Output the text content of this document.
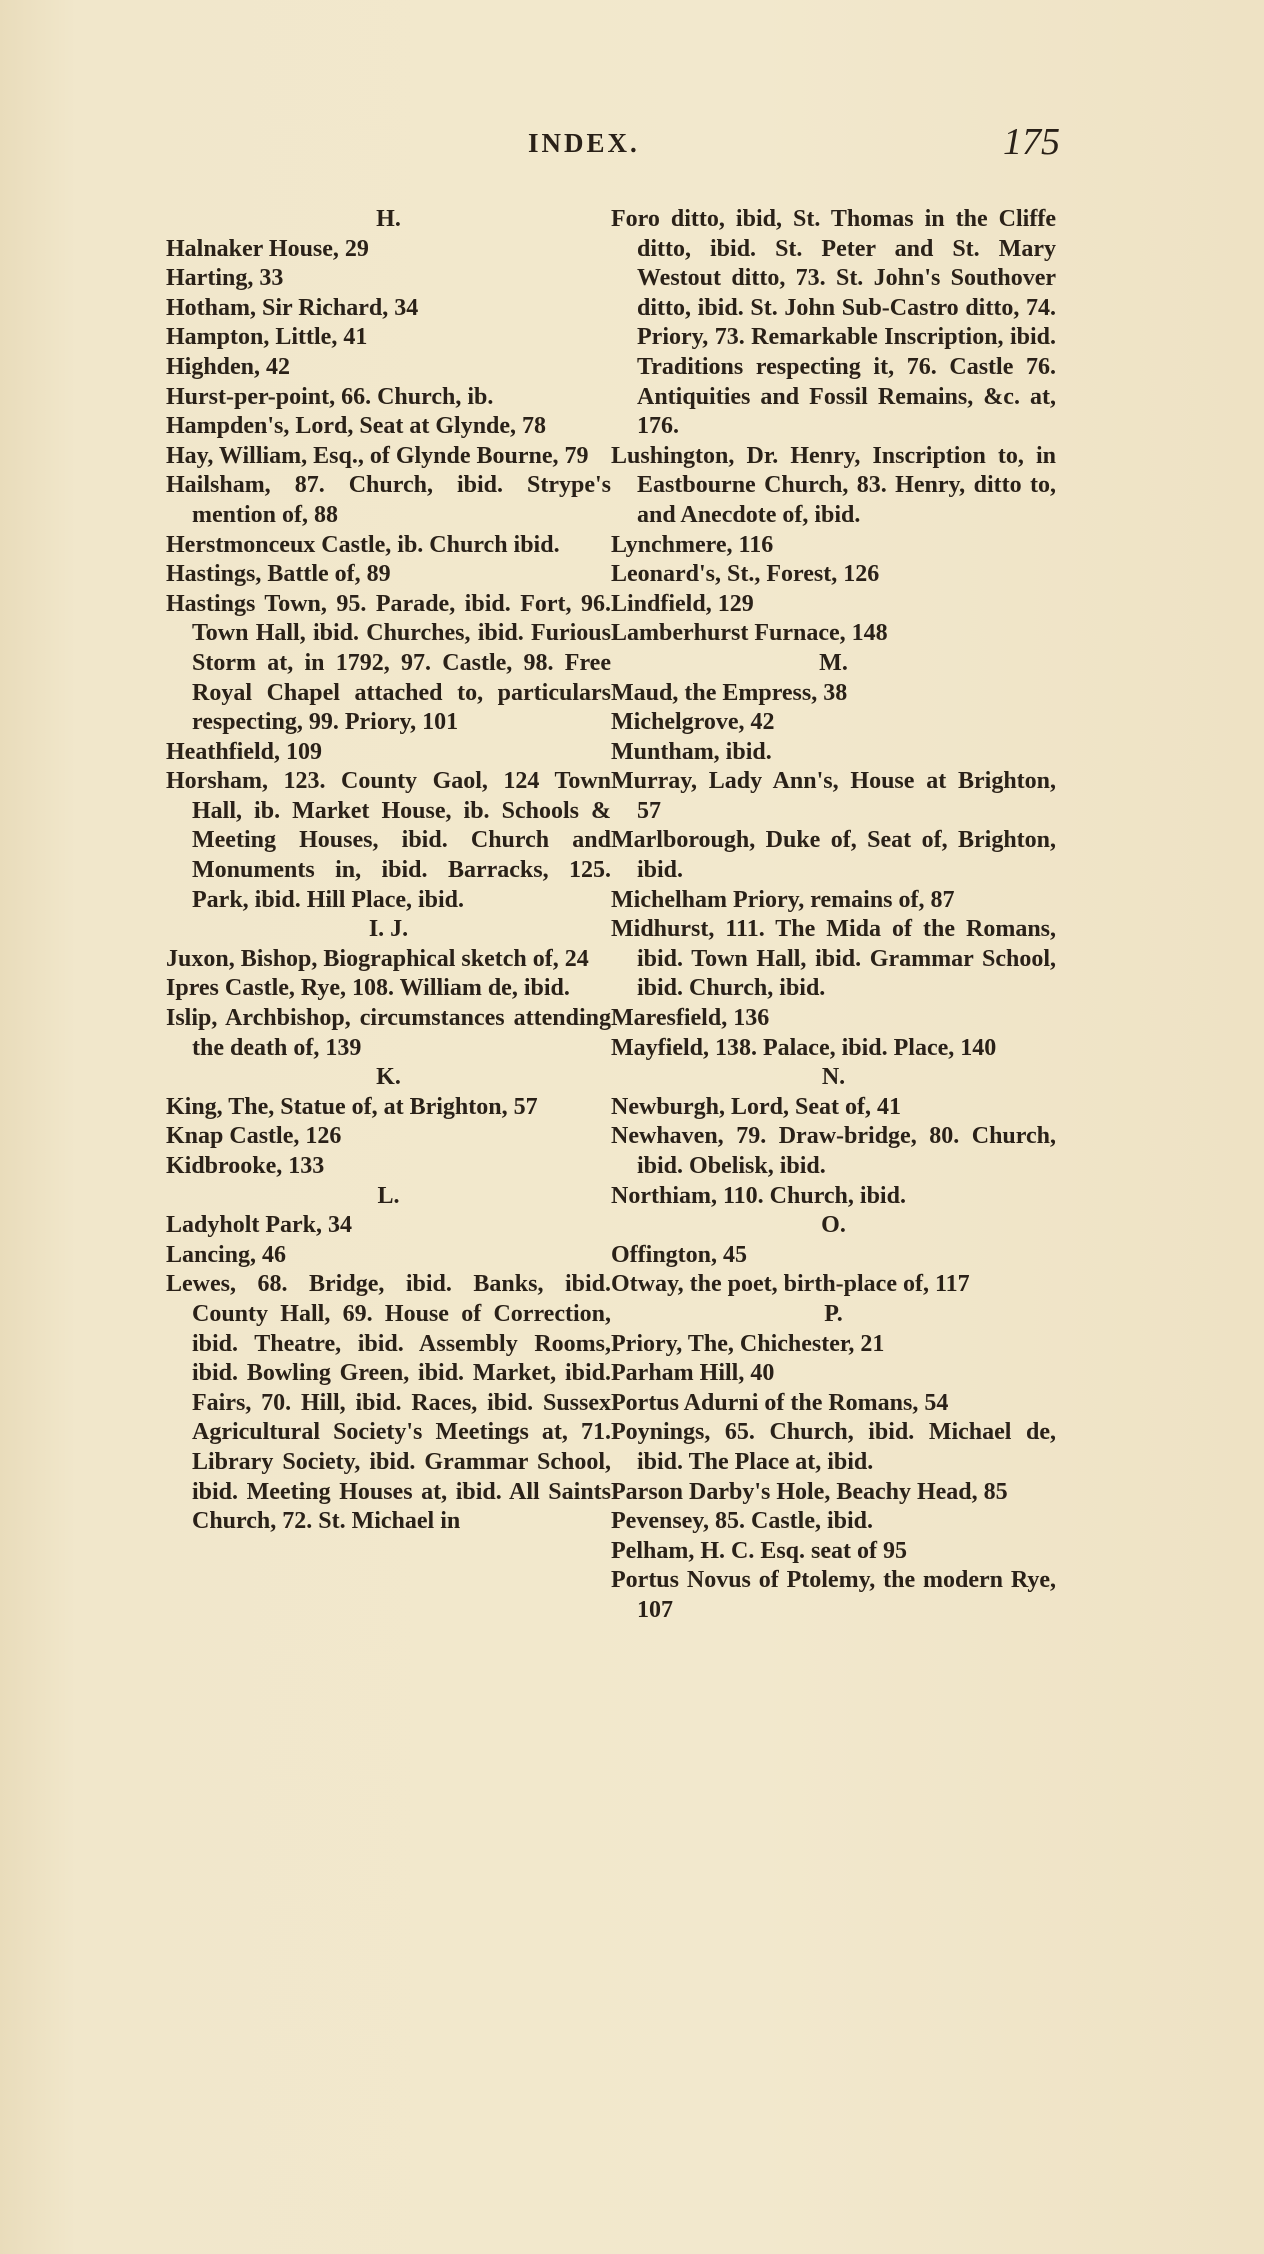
INDEX.	175
H.

Halnaker House, 29

Harting, 33

Hotham, Sir Richard, 34

Hampton, Little, 41

Highden, 42

Hurst-per-point, 66. Church, ib.

Hampden's, Lord, Seat at Glynde, 78

Hay, William, Esq., of Glynde Bourne, 79

Hailsham, 87. Church, ibid. Strype's mention of, 88

Herstmonceux Castle, ib. Church ibid.

Hastings, Battle of, 89

Hastings Town, 95. Parade, ibid. Fort, 96. Town Hall, ibid. Churches, ibid. Furious Storm at, in 1792, 97. Castle, 98. Free Royal Chapel attached to, particulars respecting, 99. Priory, 101

Heathfield, 109

Horsham, 123. County Gaol, 124 Town Hall, ib. Market House, ib. Schools & Meeting Houses, ibid. Church and Monuments in, ibid. Barracks, 125. Park, ibid. Hill Place, ibid.

I. J.

Juxon, Bishop, Biographical sketch of, 24

Ipres Castle, Rye, 108. William de, ibid.

Islip, Archbishop, circumstances attending the death of, 139

K.

King, The, Statue of, at Brighton, 57

Knap Castle, 126

Kidbrooke, 133

L.

Ladyholt Park, 34

Lancing, 46

Lewes, 68. Bridge, ibid. Banks, ibid. County Hall, 69. House of Correction, ibid. Theatre, ibid. Assembly Rooms, ibid. Bowling Green, ibid. Market, ibid. Fairs, 70. Hill, ibid. Races, ibid. Sussex Agricultural Society's Meetings at, 71. Library Society, ibid. Grammar School, ibid. Meeting Houses at, ibid. All Saints Church, 72. St. Michael in

Foro ditto, ibid, St. Thomas in the Cliffe ditto, ibid. St. Peter and St. Mary Westout ditto, 73. St. John's Southover ditto, ibid. St. John Sub-Castro ditto, 74. Priory, 73. Remarkable Inscription, ibid. Traditions respecting it, 76. Castle 76. Antiquities and Fossil Remains, &c. at, 176.

Lushington, Dr. Henry, Inscription to, in Eastbourne Church, 83. Henry, ditto to, and Anecdote of, ibid.

Lynchmere, 116

Leonard's, St., Forest, 126

Lindfield, 129

Lamberhurst Furnace, 148

M.

Maud, the Empress, 38

Michelgrove, 42

Muntham, ibid.

Murray, Lady Ann's, House at Brighton, 57

Marlborough, Duke of, Seat of, Brighton, ibid.

Michelham Priory, remains of, 87

Midhurst, 111. The Mida of the Romans, ibid. Town Hall, ibid. Grammar School, ibid. Church, ibid.

Maresfield, 136

Mayfield, 138. Palace, ibid. Place, 140

N.

Newburgh, Lord, Seat of, 41

Newhaven, 79. Draw-bridge, 80. Church, ibid. Obelisk, ibid.

Northiam, 110. Church, ibid.

O.

Offington, 45

Otway, the poet, birth-place of, 117

P.

Priory, The, Chichester, 21

Parham Hill, 40

Portus Adurni of the Romans, 54

Poynings, 65. Church, ibid. Michael de, ibid. The Place at, ibid.

Parson Darby's Hole, Beachy Head, 85

Pevensey, 85. Castle, ibid.

Pelham, H. C. Esq. seat of 95

Portus Novus of Ptolemy, the modern Rye, 107
